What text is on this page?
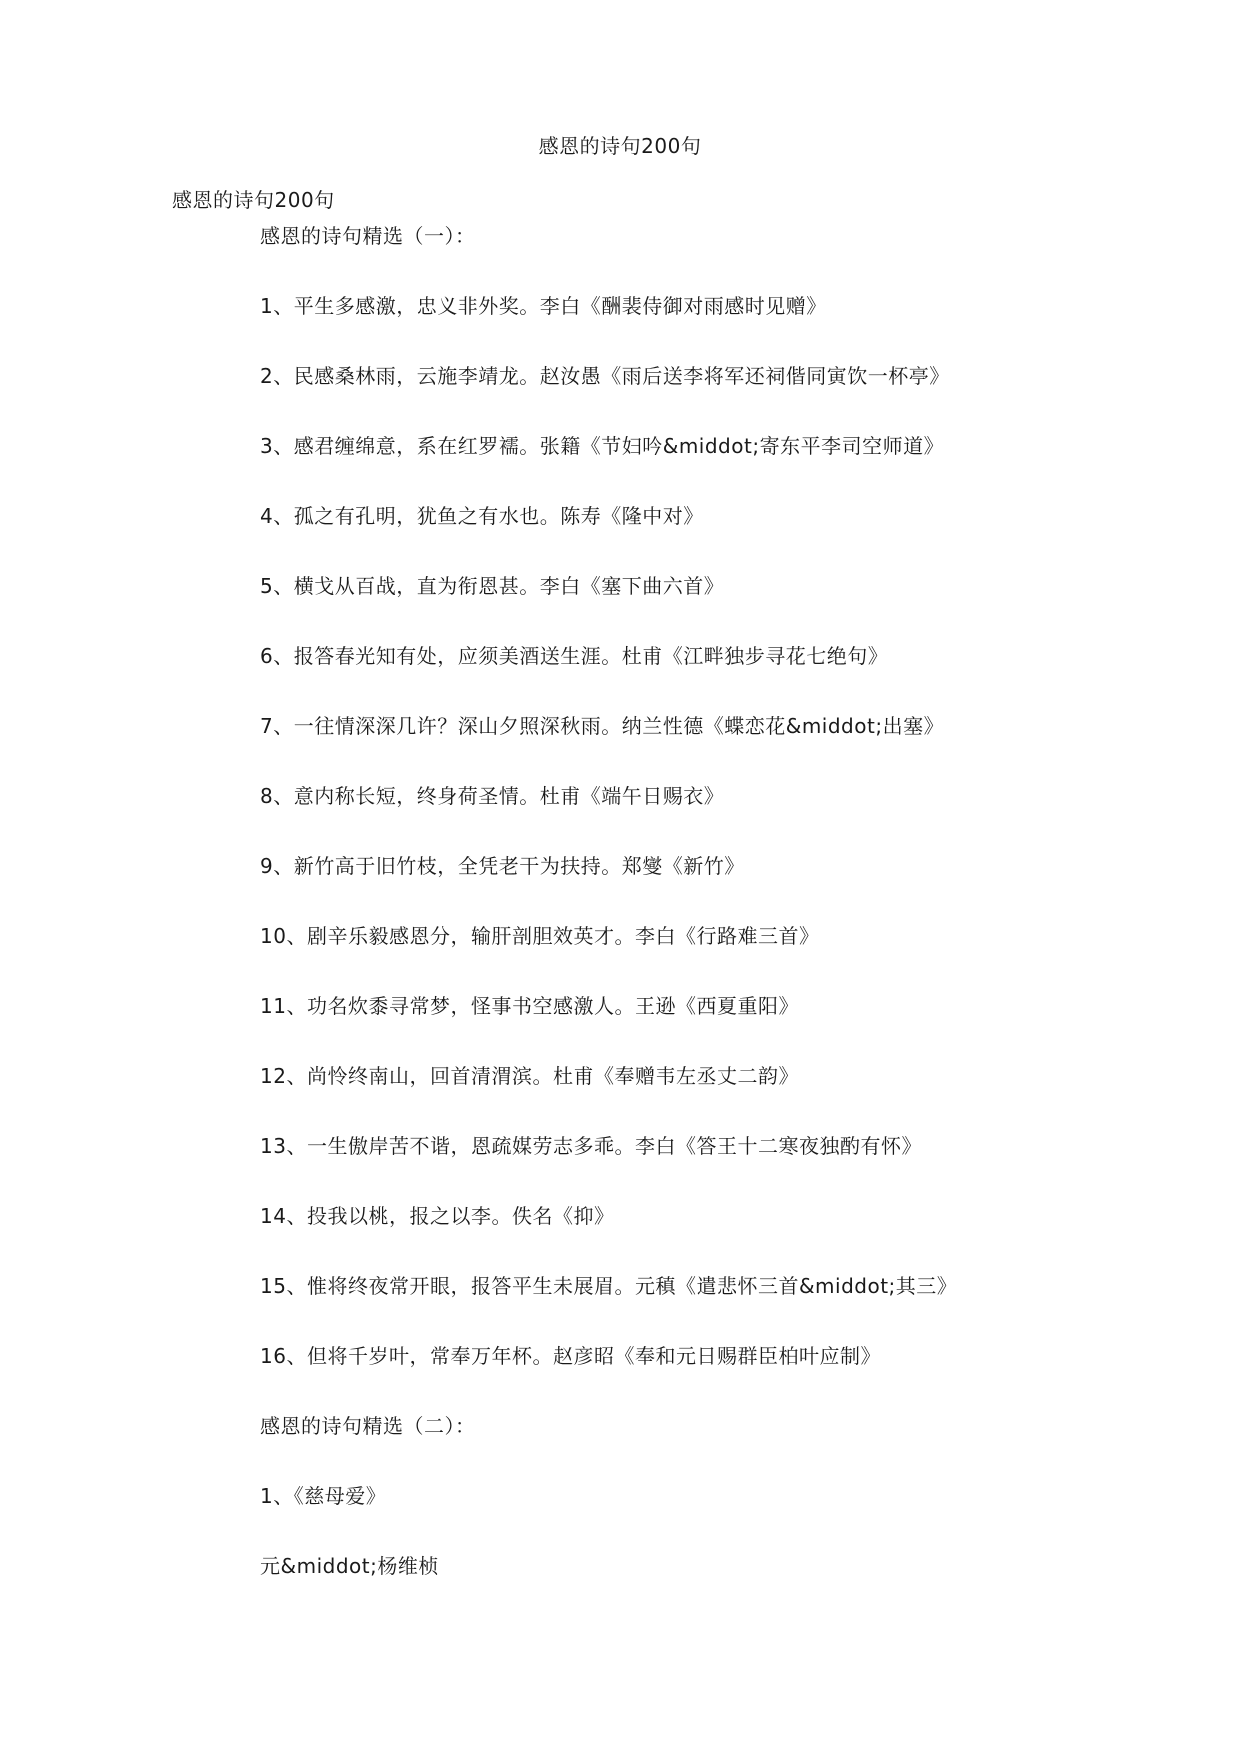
感恩的诗句200句
感恩的诗句200句

感恩的诗句精选（一）：

1、平生多感激，忠义非外奖。李白《酬裴侍御对雨感时见赠》
2、民感桑林雨，云施李靖龙。赵汝愚《雨后送李将军还祠偕同寅饮一杯亭》
3、感君缠绵意，系在红罗襦。张籍《节妇吟&middot;寄东平李司空师道》
4、孤之有孔明，犹鱼之有水也。陈寿《隆中对》
5、横戈从百战，直为衔恩甚。李白《塞下曲六首》
6、报答春光知有处，应须美酒送生涯。杜甫《江畔独步寻花七绝句》
7、一往情深深几许？深山夕照深秋雨。纳兰性德《蝶恋花&middot;出塞》
8、意内称长短，终身荷圣情。杜甫《端午日赐衣》
9、新竹高于旧竹枝，全凭老干为扶持。郑燮《新竹》
10、剧辛乐毅感恩分，输肝剖胆效英才。李白《行路难三首》
11、功名炊黍寻常梦，怪事书空感激人。王逊《西夏重阳》
12、尚怜终南山，回首清渭滨。杜甫《奉赠韦左丞丈二韵》
13、一生傲岸苦不谐，恩疏媒劳志多乖。李白《答王十二寒夜独酌有怀》
14、投我以桃，报之以李。佚名《抑》
15、惟将终夜常开眼，报答平生未展眉。元稹《遣悲怀三首&middot;其三》
16、但将千岁叶，常奉万年杯。赵彦昭《奉和元日赐群臣柏叶应制》

感恩的诗句精选（二）：

1、《慈母爱》
元&middot;杨维桢
